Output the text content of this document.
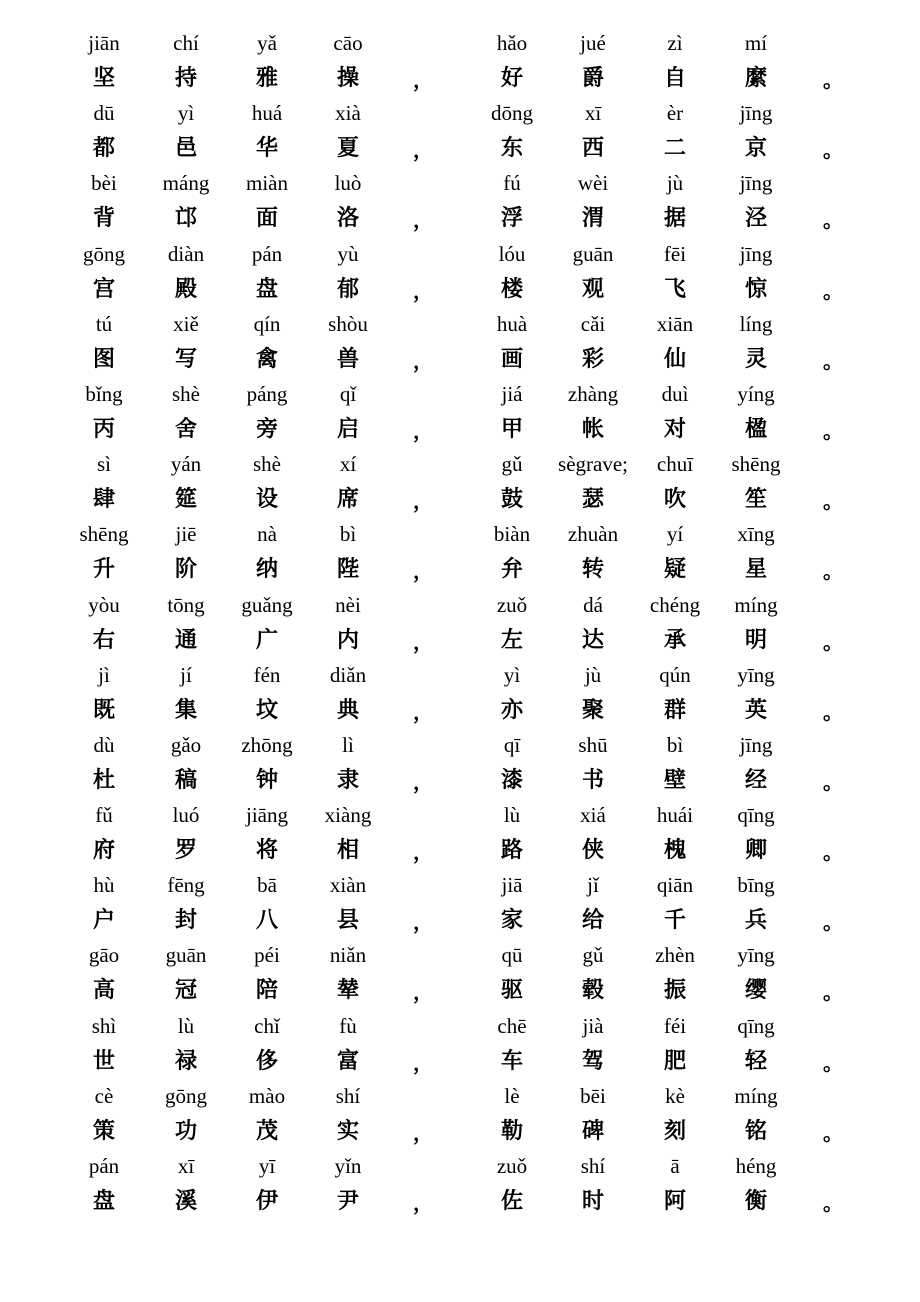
jiān	chí	yǎ	cāo	hǎo	jué	zì	mí
坚	持	雅	操	好	爵	自	縻
，	。
dū	yì	huá	xià	dōng	xī	èr	jīng
都	邑	华	夏	东	西	二	京
，	。
bèi	máng	miàn	luò	fú	wèi	jù	jīng
背	邙	面	洛	浮	渭	据	泾
，	。
gōng	diàn	pán	yù	lóu	guān	fēi	jīng
宫	殿	盘	郁	楼	观	飞	惊
，	。
tú	xiě	qín	shòu	huà	cǎi	xiān	líng
图	写	禽	兽	画	彩	仙	灵
，	。
bǐng	shè	páng	qǐ	jiá	zhàng	duì	yíng
丙	舍	旁	启	甲	帐	对	楹
，	。
sì	yán	shè	xí	gǔ	sègrave;	chuī	shēng
肆	筵	设	席	鼓	瑟	吹	笙
，	。
shēng	jiē	nà	bì	biàn	zhuàn	yí	xīng
升	阶	纳	陛	弁	转	疑	星
，	。
yòu	tōng	guǎng	nèi	zuǒ	dá	chéng	míng
右	通	广	内	左	达	承	明
，	。
jì	jí	fén	diǎn	yì	jù	qún	yīng
既	集	坟	典	亦	聚	群	英
，	。
dù	gǎo	zhōng	lì	qī	shū	bì	jīng
杜	稿	钟	隶	漆	书	壁	经
，	。
fǔ	luó	jiāng	xiàng	lù	xiá	huái	qīng
府	罗	将	相	路	侠	槐	卿
，	。
hù	fēng	bā	xiàn	jiā	jǐ	qiān	bīng
户	封	八	县	家	给	千	兵
，	。
gāo	guān	péi	niǎn	qū	gǔ	zhèn	yīng
高	冠	陪	辇	驱	毂	振	缨
，	。
shì	lù	chǐ	fù	chē	jià	féi	qīng
世	禄	侈	富	车	驾	肥	轻
，	。
cè	gōng	mào	shí	lè	bēi	kè	míng
策	功	茂	实	勒	碑	刻	铭
，	。
pán	xī	yī	yǐn	zuǒ	shí	ā	héng
盘	溪	伊	尹	佐	时	阿	衡
，	。
